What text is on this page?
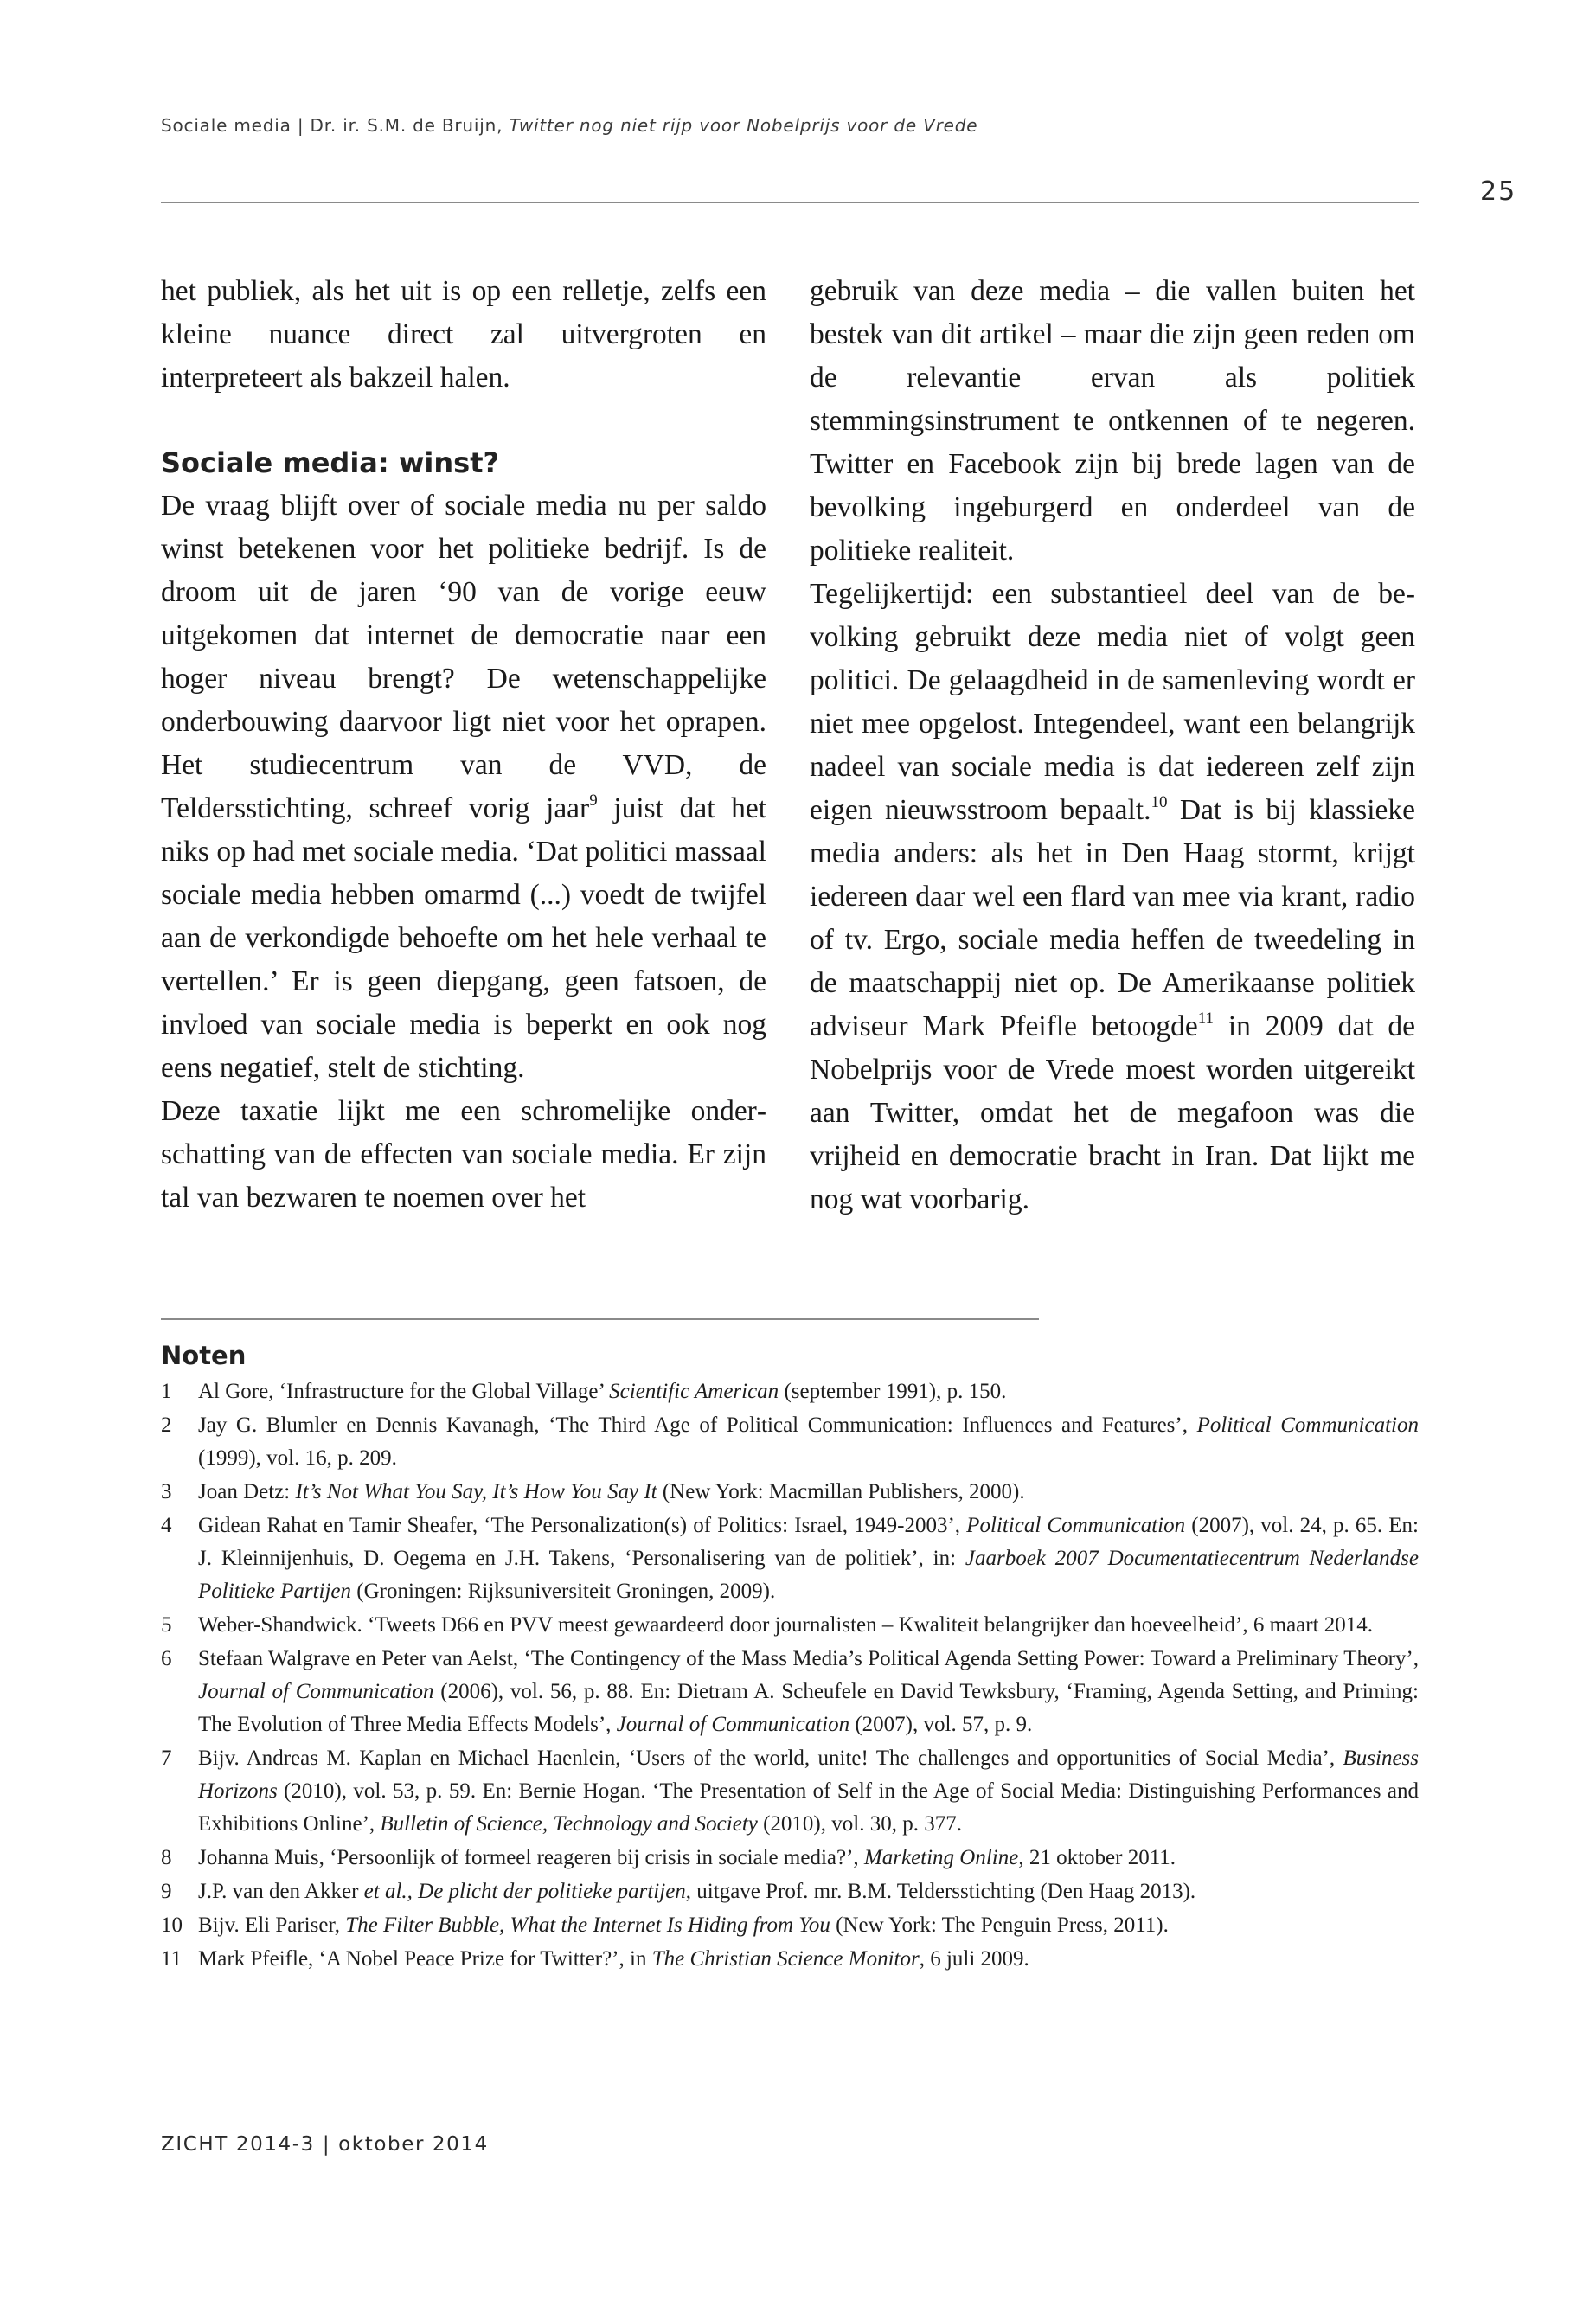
Sociale media | Dr. ir. S.M. de Bruijn, Twitter nog niet rijp voor Nobelprijs voor de Vrede
25

het publiek, als het uit is op een relletje, zelfs een kleine nuance direct zal uitvergroten en interpreteert als bakzeil halen.

Sociale media: winst?

De vraag blijft over of sociale media nu per saldo winst betekenen voor het politieke bedrijf. Is de droom uit de jaren ‘90 van de vorige eeuw uitgekomen dat internet de democratie naar een hoger niveau brengt? De wetenschappelijke onderbouwing daarvoor ligt niet voor het oprapen. Het studiecentrum van de VVD, de Teldersstichting, schreef vorig jaar$^9$ juist dat het niks op had met sociale media. ‘Dat politici massaal sociale media hebben omarmd (...) voedt de twijfel aan de verkondigde behoefte om het hele verhaal te vertellen.’ Er is geen diepgang, geen fatsoen, de invloed van sociale media is beperkt en ook nog eens negatief, stelt de stichting.

Deze taxatie lijkt me een schromelijke onderschatting van de effecten van sociale media. Er zijn tal van bezwaren te noemen over het

gebruik van deze media – die vallen buiten het bestek van dit artikel – maar die zijn geen reden om de relevantie ervan als politiek stemmingsinstrument te ontkennen of te negeren. Twitter en Facebook zijn bij brede lagen van de bevolking ingeburgerd en onderdeel van de politieke realiteit.

Tegelijkertijd: een substantieel deel van de bevolking gebruikt deze media niet of volgt geen politici. De gelaagdheid in de samenleving wordt er niet mee opgelost. Integendeel, want een belangrijk nadeel van sociale media is dat iedereen zelf zijn eigen nieuwsstroom bepaalt.$^{10}$ Dat is bij klassieke media anders: als het in Den Haag stormt, krijgt iedereen daar wel een flard van mee via krant, radio of tv. Ergo, sociale media heffen de tweedeling in de maatschappij niet op. De Amerikaanse politiek adviseur Mark Pfeifle betoogde$^{11}$ in 2009 dat de Nobelprijs voor de Vrede moest worden uitgereikt aan Twitter, omdat het de megafoon was die vrijheid en democratie bracht in Iran. Dat lijkt me nog wat voorbarig.

Noten
1	Al Gore, ‘Infrastructure for the Global Village’ Scientific American (september 1991), p. 150.
2	Jay G. Blumler en Dennis Kavanagh, ‘The Third Age of Political Communication: Influences and Features’, Political Communication (1999), vol. 16, p. 209.
3	Joan Detz: It’s Not What You Say, It’s How You Say It (New York: Macmillan Publishers, 2000).
4	Gidean Rahat en Tamir Sheafer, ‘The Personalization(s) of Politics: Israel, 1949-2003’, Political Communication (2007), vol. 24, p. 65. En: J. Kleinnijenhuis, D. Oegema en J.H. Takens, ‘Personalisering van de politiek’, in: Jaarboek 2007 Documentatiecentrum Nederlandse Politieke Partijen (Groningen: Rijksuniversiteit Groningen, 2009).
5	Weber-Shandwick. ‘Tweets D66 en PVV meest gewaardeerd door journalisten – Kwaliteit belangrijker dan hoeveelheid’, 6 maart 2014.
6	Stefaan Walgrave en Peter van Aelst, ‘The Contingency of the Mass Media’s Political Agenda Setting Power: Toward a Preliminary Theory’, Journal of Communication (2006), vol. 56, p. 88. En: Dietram A. Scheufele en David Tewksbury, ‘Framing, Agenda Setting, and Priming: The Evolution of Three Media Effects Models’, Journal of Communication (2007), vol. 57, p. 9.
7	Bijv. Andreas M. Kaplan en Michael Haenlein, ‘Users of the world, unite! The challenges and opportunities of Social Media’, Business Horizons (2010), vol. 53, p. 59. En: Bernie Hogan. ‘The Presentation of Self in the Age of Social Media: Distinguishing Performances and Exhibitions Online’, Bulletin of Science, Technology and Society (2010), vol. 30, p. 377.
8	Johanna Muis, ‘Persoonlijk of formeel reageren bij crisis in sociale media?’, Marketing Online, 21 oktober 2011.
9	J.P. van den Akker et al., De plicht der politieke partijen, uitgave Prof. mr. B.M. Teldersstichting (Den Haag 2013).
10 Bijv. Eli Pariser, The Filter Bubble, What the Internet Is Hiding from You (New York: The Penguin Press, 2011).
11 Mark Pfeifle, ‘A Nobel Peace Prize for Twitter?’, in The Christian Science Monitor, 6 juli 2009.
ZICHT 2014-3 | oktober 2014
